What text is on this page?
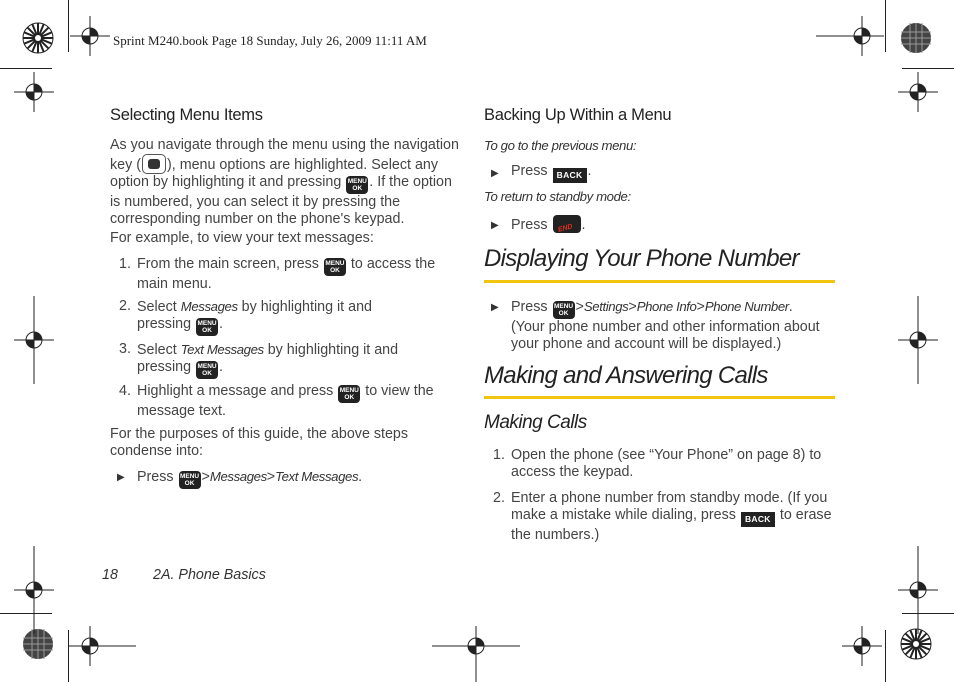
Sprint M240.book Page 18 Sunday, July 26, 2009 11:11 AM
Selecting Menu Items
As you navigate through the menu using the navigation
key ( ), menu options are highlighted. Select any
option by highlighting it and pressing MENU
OK . If the option
is numbered, you can select it by pressing the
corresponding number on the phone's keypad.
For example, to view your text messages:
1. From the main screen, press MENU
OK to access the
main menu.
2. Select Messages by highlighting it and
pressing MENU
OK .
3. Select Text Messages by highlighting it and
pressing MENU
OK .
4. Highlight a message and press MENU
OK to view the
message text.
For the purposes of this guide, the above steps
condense into:
▶ Press MENU
OK >Messages>Text Messages.
Backing Up Within a Menu
To go to the previous menu:
▶ Press BACK .
To return to standby mode:
▶ Press END .
Displaying Your Phone Number
▶ Press MENU
OK >Settings>Phone Info>Phone Number.
(Your phone number and other information about
your phone and account will be displayed.)
Making and Answering Calls
Making Calls
1. Open the phone (see “Your Phone” on page 8) to
access the keypad.
2. Enter a phone number from standby mode. (If you
make a mistake while dialing, press BACK to erase
the numbers.)
18 2A. Phone Basics
